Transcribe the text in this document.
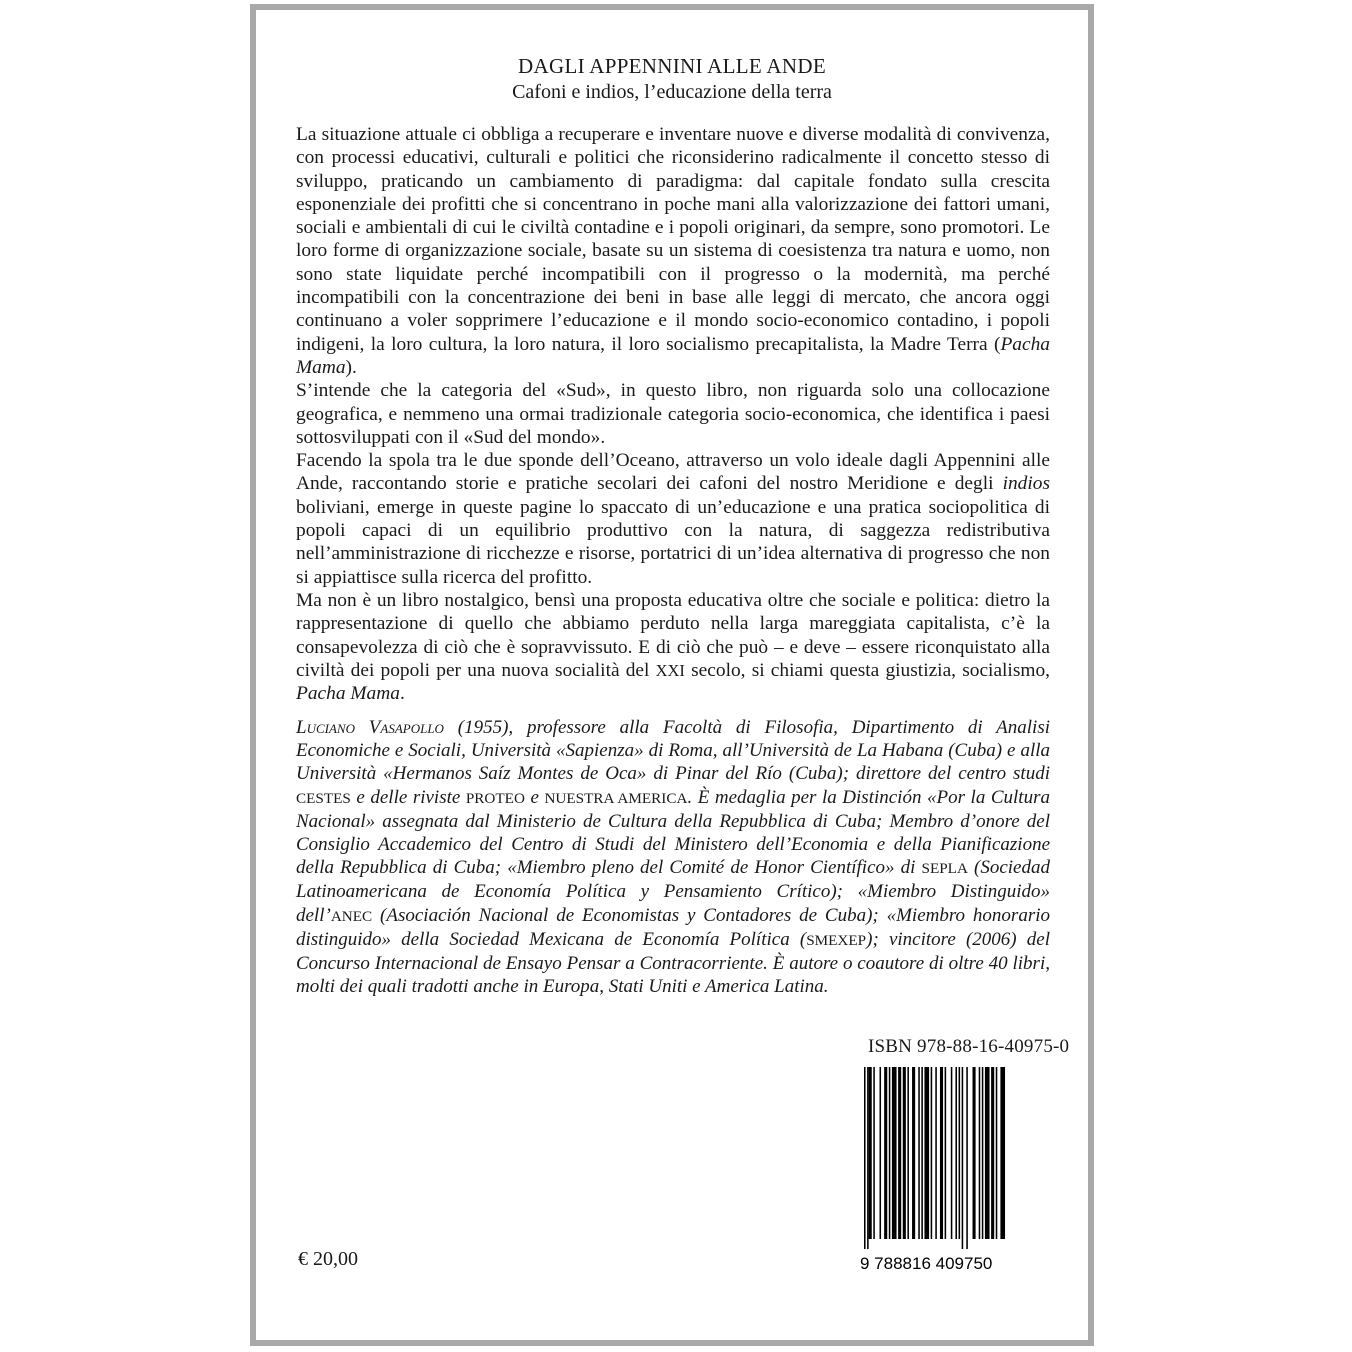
DAGLI APPENNINI ALLE ANDE
Cafoni e indios, l’educazione della terra

La situazione attuale ci obbliga a recuperare e inventare nuove e diverse modalità di convivenza, con processi educativi, culturali e politici che riconsiderino radicalmente il concetto stesso di sviluppo, praticando un cambiamento di paradigma: dal capitale fondato sulla crescita esponenziale dei profitti che si concentrano in poche mani alla valorizzazione dei fattori umani, sociali e ambientali di cui le civiltà contadine e i popoli originari, da sempre, sono promotori. Le loro forme di organizzazione sociale, basate su un sistema di coesistenza tra natura e uomo, non sono state liquidate perché incompatibili con il progresso o la modernità, ma perché incompatibili con la concentrazione dei beni in base alle leggi di mercato, che ancora oggi continuano a voler sopprimere l’educazione e il mondo socio-economico contadino, i popoli indigeni, la loro cultura, la loro natura, il loro socialismo precapitalista, la Madre Terra (Pacha Mama).

S’intende che la categoria del «Sud», in questo libro, non riguarda solo una collocazione geografica, e nemmeno una ormai tradizionale categoria socio-economica, che identifica i paesi sottosviluppati con il «Sud del mondo».

Facendo la spola tra le due sponde dell’Oceano, attraverso un volo ideale dagli Appennini alle Ande, raccontando storie e pratiche secolari dei cafoni del nostro Meridione e degli indios boliviani, emerge in queste pagine lo spaccato di un’educazione e una pratica sociopolitica di popoli capaci di un equilibrio produttivo con la natura, di saggezza redistributiva nell’amministrazione di ricchezze e risorse, portatrici di un’idea alternativa di progresso che non si appiattisce sulla ricerca del profitto.

Ma non è un libro nostalgico, bensì una proposta educativa oltre che sociale e politica: dietro la rappresentazione di quello che abbiamo perduto nella larga mareggiata capitalista, c’è la consapevolezza di ciò che è sopravvissuto. E di ciò che può – e deve – essere riconquistato alla civiltà dei popoli per una nuova socialità del XXI secolo, si chiami questa giustizia, socialismo, Pacha Mama.

Luciano Vasapollo (1955), professore alla Facoltà di Filosofia, Dipartimento di Analisi Economiche e Sociali, Università «Sapienza» di Roma, all’Università de La Habana (Cuba) e alla Università «Hermanos Saíz Montes de Oca» di Pinar del Río (Cuba); direttore del centro studi CESTES e delle riviste PROTEO e NUESTRA AMERICA. È medaglia per la Distinción «Por la Cultura Nacional» assegnata dal Ministerio de Cultura della Repubblica di Cuba; Membro d’onore del Consiglio Accademico del Centro di Studi del Ministero dell’Economia e della Pianificazione della Repubblica di Cuba; «Miembro pleno del Comité de Honor Científico» di SEPLA (Sociedad Latinoamericana de Economía Política y Pensamiento Crítico); «Miembro Distinguido» dell’ANEC (Asociación Nacional de Economistas y Contadores de Cuba); «Miembro honorario distinguido» della Sociedad Mexicana de Economía Política (SMEXEP); vincitore (2006) del Concurso Internacional de Ensayo Pensar a Contracorriente. È autore o coautore di oltre 40 libri, molti dei quali tradotti anche in Europa, Stati Uniti e America Latina.

ISBN 978-88-16-40975-0
9 788816 409750
€ 20,00
